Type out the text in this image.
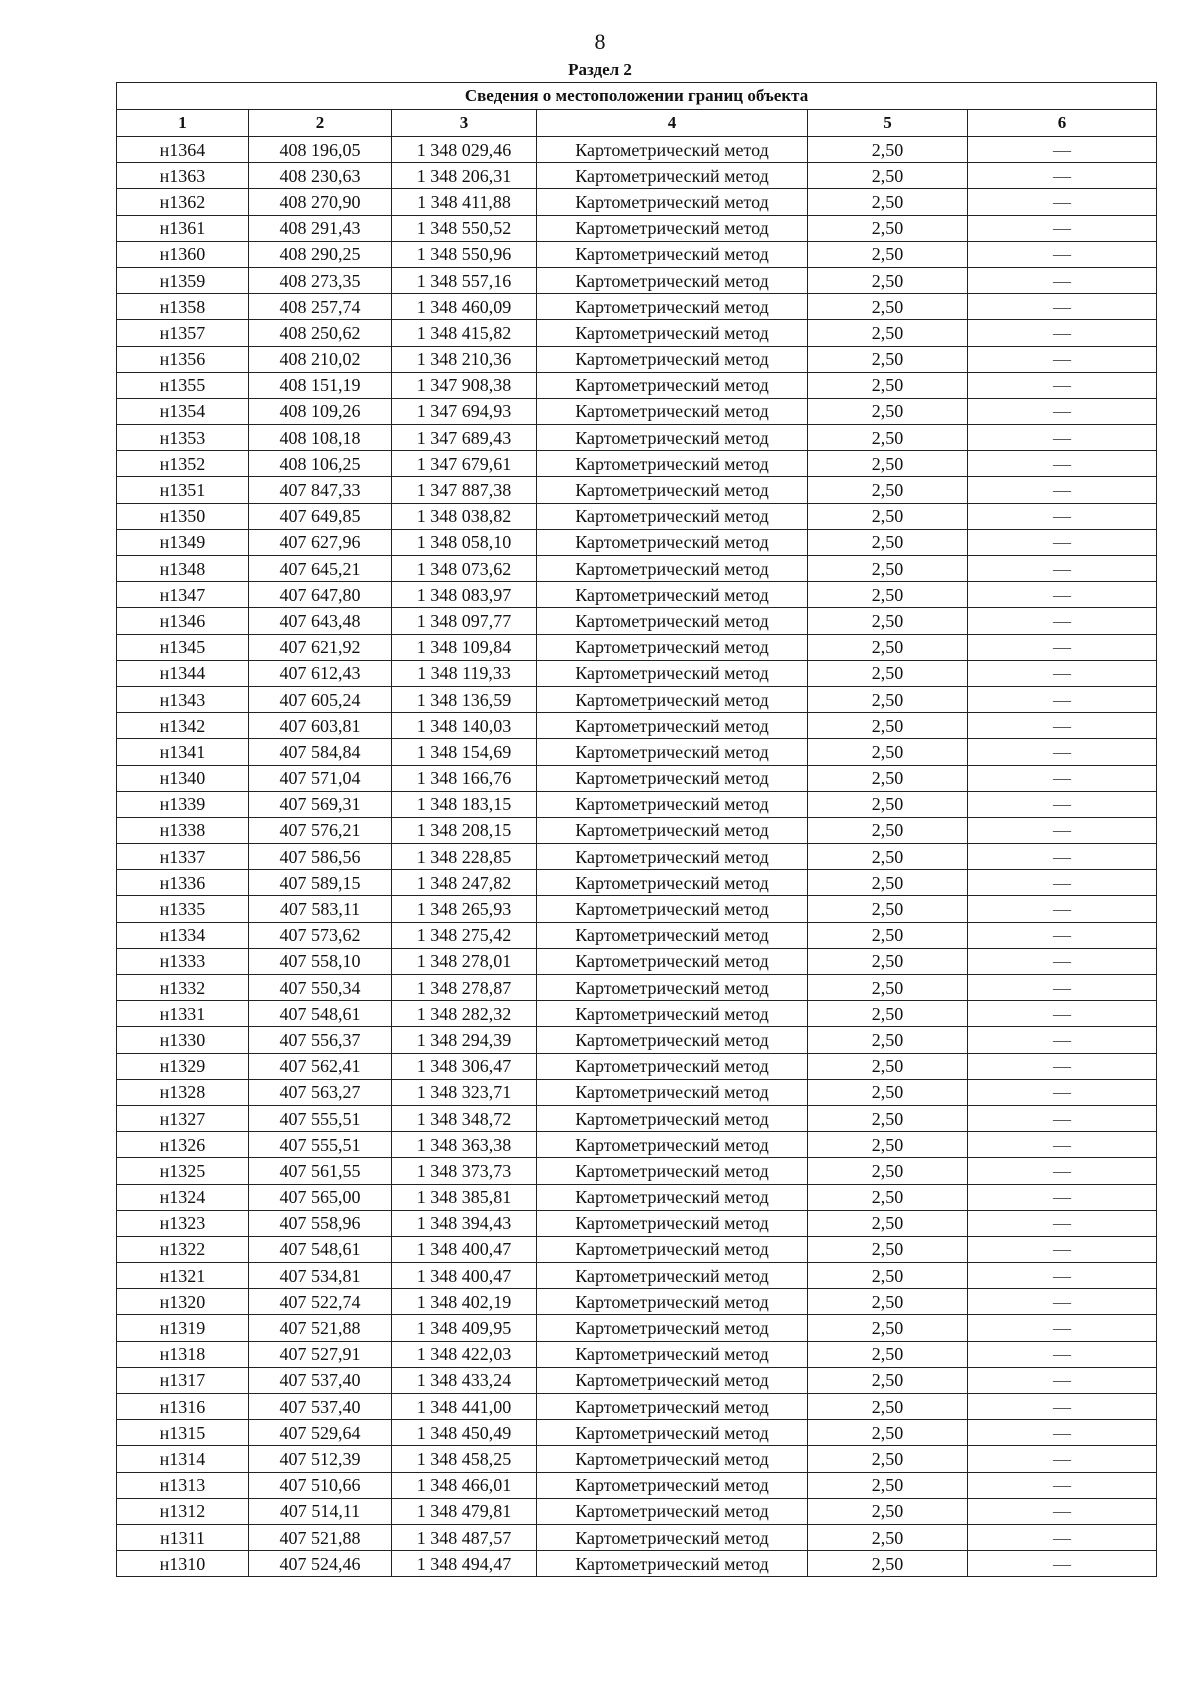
8
Раздел 2
Сведения о местоположении границ объекта					
1	2	3	4	5	6
н1364	408 196,05	1 348 029,46	Картометрический метод	2,50	—
н1363	408 230,63	1 348 206,31	Картометрический метод	2,50	—
н1362	408 270,90	1 348 411,88	Картометрический метод	2,50	—
н1361	408 291,43	1 348 550,52	Картометрический метод	2,50	—
н1360	408 290,25	1 348 550,96	Картометрический метод	2,50	—
н1359	408 273,35	1 348 557,16	Картометрический метод	2,50	—
н1358	408 257,74	1 348 460,09	Картометрический метод	2,50	—
н1357	408 250,62	1 348 415,82	Картометрический метод	2,50	—
н1356	408 210,02	1 348 210,36	Картометрический метод	2,50	—
н1355	408 151,19	1 347 908,38	Картометрический метод	2,50	—
н1354	408 109,26	1 347 694,93	Картометрический метод	2,50	—
н1353	408 108,18	1 347 689,43	Картометрический метод	2,50	—
н1352	408 106,25	1 347 679,61	Картометрический метод	2,50	—
н1351	407 847,33	1 347 887,38	Картометрический метод	2,50	—
н1350	407 649,85	1 348 038,82	Картометрический метод	2,50	—
н1349	407 627,96	1 348 058,10	Картометрический метод	2,50	—
н1348	407 645,21	1 348 073,62	Картометрический метод	2,50	—
н1347	407 647,80	1 348 083,97	Картометрический метод	2,50	—
н1346	407 643,48	1 348 097,77	Картометрический метод	2,50	—
н1345	407 621,92	1 348 109,84	Картометрический метод	2,50	—
н1344	407 612,43	1 348 119,33	Картометрический метод	2,50	—
н1343	407 605,24	1 348 136,59	Картометрический метод	2,50	—
н1342	407 603,81	1 348 140,03	Картометрический метод	2,50	—
н1341	407 584,84	1 348 154,69	Картометрический метод	2,50	—
н1340	407 571,04	1 348 166,76	Картометрический метод	2,50	—
н1339	407 569,31	1 348 183,15	Картометрический метод	2,50	—
н1338	407 576,21	1 348 208,15	Картометрический метод	2,50	—
н1337	407 586,56	1 348 228,85	Картометрический метод	2,50	—
н1336	407 589,15	1 348 247,82	Картометрический метод	2,50	—
н1335	407 583,11	1 348 265,93	Картометрический метод	2,50	—
н1334	407 573,62	1 348 275,42	Картометрический метод	2,50	—
н1333	407 558,10	1 348 278,01	Картометрический метод	2,50	—
н1332	407 550,34	1 348 278,87	Картометрический метод	2,50	—
н1331	407 548,61	1 348 282,32	Картометрический метод	2,50	—
н1330	407 556,37	1 348 294,39	Картометрический метод	2,50	—
н1329	407 562,41	1 348 306,47	Картометрический метод	2,50	—
н1328	407 563,27	1 348 323,71	Картометрический метод	2,50	—
н1327	407 555,51	1 348 348,72	Картометрический метод	2,50	—
н1326	407 555,51	1 348 363,38	Картометрический метод	2,50	—
н1325	407 561,55	1 348 373,73	Картометрический метод	2,50	—
н1324	407 565,00	1 348 385,81	Картометрический метод	2,50	—
н1323	407 558,96	1 348 394,43	Картометрический метод	2,50	—
н1322	407 548,61	1 348 400,47	Картометрический метод	2,50	—
н1321	407 534,81	1 348 400,47	Картометрический метод	2,50	—
н1320	407 522,74	1 348 402,19	Картометрический метод	2,50	—
н1319	407 521,88	1 348 409,95	Картометрический метод	2,50	—
н1318	407 527,91	1 348 422,03	Картометрический метод	2,50	—
н1317	407 537,40	1 348 433,24	Картометрический метод	2,50	—
н1316	407 537,40	1 348 441,00	Картометрический метод	2,50	—
н1315	407 529,64	1 348 450,49	Картометрический метод	2,50	—
н1314	407 512,39	1 348 458,25	Картометрический метод	2,50	—
н1313	407 510,66	1 348 466,01	Картометрический метод	2,50	—
н1312	407 514,11	1 348 479,81	Картометрический метод	2,50	—
н1311	407 521,88	1 348 487,57	Картометрический метод	2,50	—
н1310	407 524,46	1 348 494,47	Картометрический метод	2,50	—
